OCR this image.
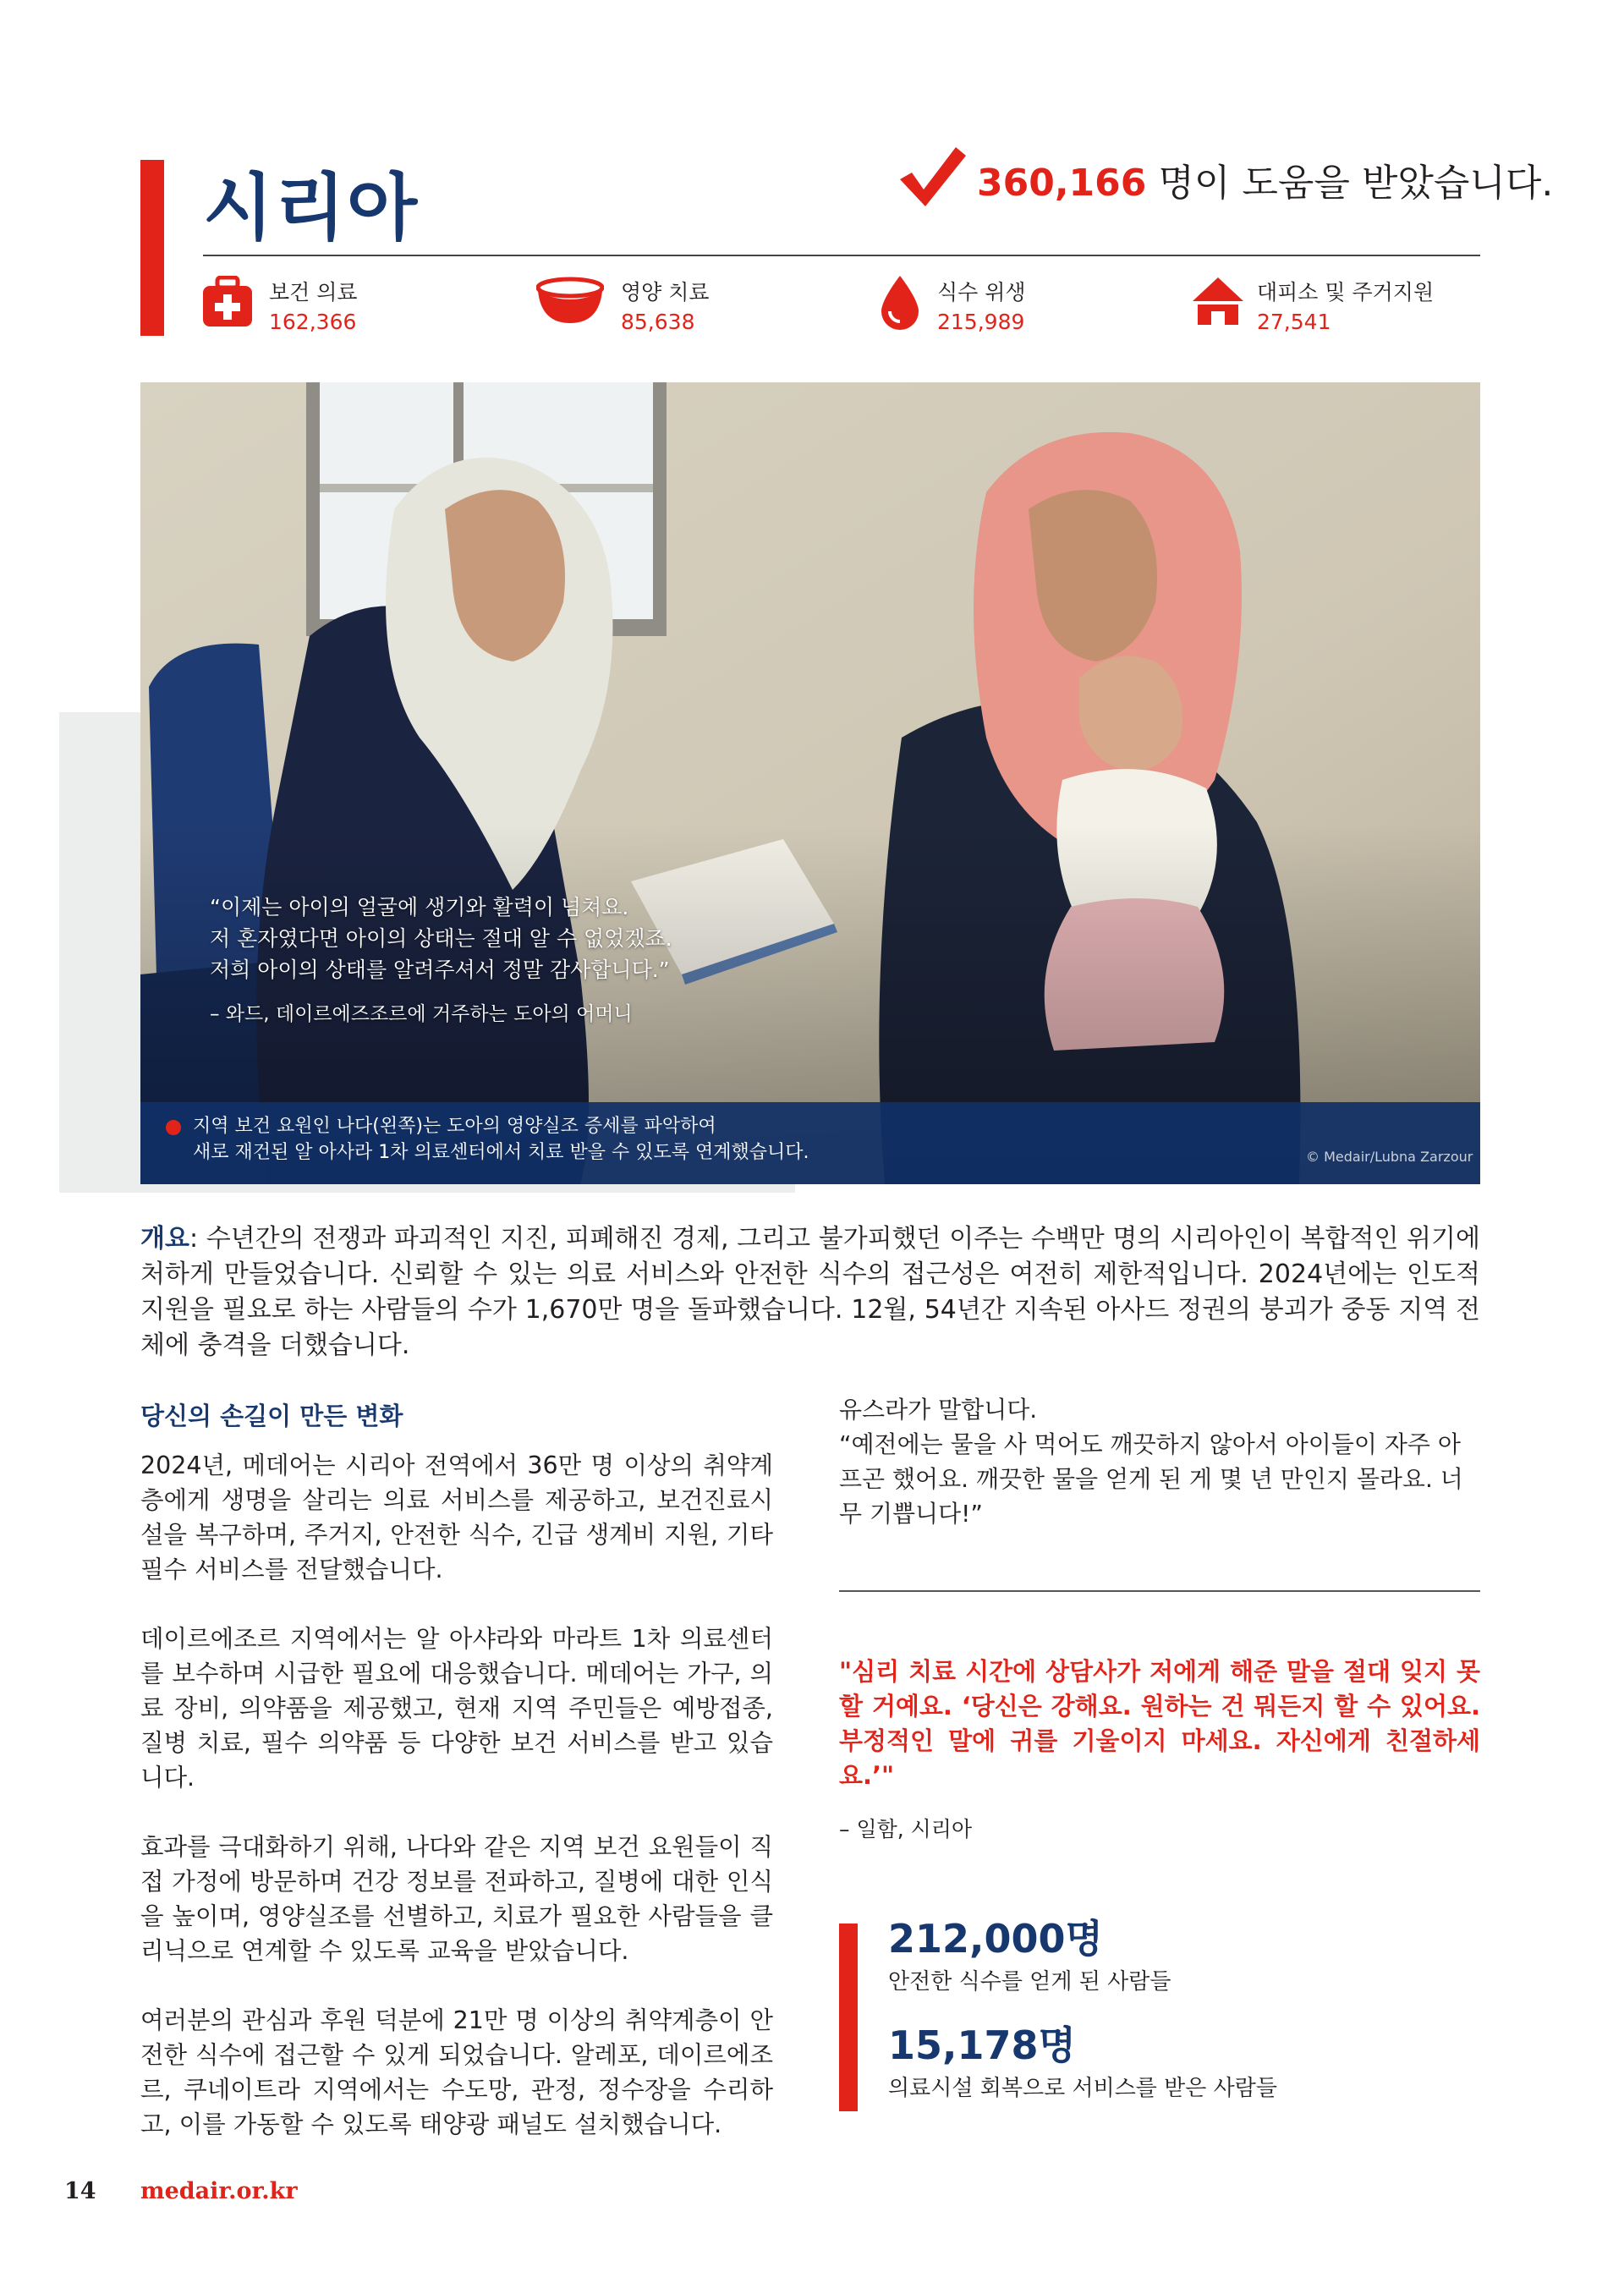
시리아	360,166 명이 도움을 받았습니다.
보건 의료
162,366
영양 치료
85,638
식수 위생
215,989
대피소 및 주거지원
27,541
“이제는 아이의 얼굴에 생기와 활력이 넘쳐요.
저 혼자였다면 아이의 상태는 절대 알 수 없었겠죠.
저희 아이의 상태를 알려주셔서 정말 감사합니다.”
– 와드, 데이르에즈조르에 거주하는 도아의 어머니
지역 보건 요원인 나다(왼쪽)는 도아의 영양실조 증세를 파악하여
새로 재건된 알 아사라 1차 의료센터에서 치료 받을 수 있도록 연계했습니다.	© Medair/Lubna Zarzour
개요: 수년간의 전쟁과 파괴적인 지진, 피폐해진 경제, 그리고 불가피했던 이주는 수백만 명의 시리아인이 복합적인 위기에 처하게 만들었습니다. 신뢰할 수 있는 의료 서비스와 안전한 식수의 접근성은 여전히 제한적입니다. 2024년에는 인도적 지원을 필요로 하는 사람들의 수가 1,670만 명을 돌파했습니다. 12월, 54년간 지속된 아사드 정권의 붕괴가 중동 지역 전체에 충격을 더했습니다.
당신의 손길이 만든 변화

2024년, 메데어는 시리아 전역에서 36만 명 이상의 취약계층에게 생명을 살리는 의료 서비스를 제공하고, 보건진료시설을 복구하며, 주거지, 안전한 식수, 긴급 생계비 지원, 기타 필수 서비스를 전달했습니다.

데이르에조르 지역에서는 알 아샤라와 마라트 1차 의료센터를 보수하며 시급한 필요에 대응했습니다. 메데어는 가구, 의료 장비, 의약품을 제공했고, 현재 지역 주민들은 예방접종, 질병 치료, 필수 의약품 등 다양한 보건 서비스를 받고 있습니다.

효과를 극대화하기 위해, 나다와 같은 지역 보건 요원들이 직접 가정에 방문하며 건강 정보를 전파하고, 질병에 대한 인식을 높이며, 영양실조를 선별하고, 치료가 필요한 사람들을 클리닉으로 연계할 수 있도록 교육을 받았습니다.

여러분의 관심과 후원 덕분에 21만 명 이상의 취약계층이 안전한 식수에 접근할 수 있게 되었습니다. 알레포, 데이르에조르, 쿠네이트라 지역에서는 수도망, 관정, 정수장을 수리하고, 이를 가동할 수 있도록 태양광 패널도 설치했습니다.

유스라가 말합니다.
“예전에는 물을 사 먹어도 깨끗하지 않아서 아이들이 자주 아프곤 했어요. 깨끗한 물을 얻게 된 게 몇 년 만인지 몰라요. 너무 기쁩니다!”
"심리 치료 시간에 상담사가 저에게 해준 말을 절대 잊지 못할 거예요. ‘당신은 강해요. 원하는 건 뭐든지 할 수 있어요. 부정적인 말에 귀를 기울이지 마세요. 자신에게 친절하세요.’"
– 일함, 시리아
212,000명
안전한 식수를 얻게 된 사람들
15,178명
의료시설 회복으로 서비스를 받은 사람들
14 medair.or.kr
